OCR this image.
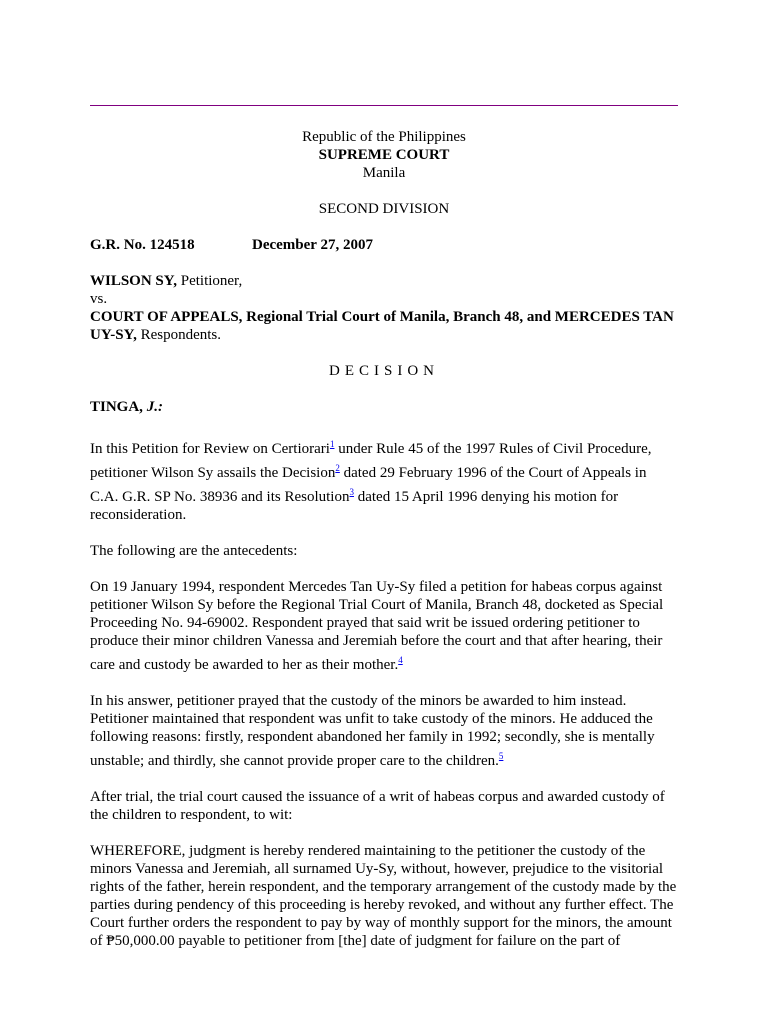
Republic of the Philippines

SUPREME COURT

Manila

SECOND DIVISION

G.R. No. 124518	December 27, 2007

WILSON SY, Petitioner,

vs.

COURT OF APPEALS, Regional Trial Court of Manila, Branch 48, and MERCEDES TAN UY-SY, Respondents.

DECISION

TINGA, J.:

In this Petition for Review on Certiorari$^1$ under Rule 45 of the 1997 Rules of Civil Procedure, petitioner Wilson Sy assails the Decision$^2$ dated 29 February 1996 of the Court of Appeals in C.A. G.R. SP No. 38936 and its Resolution$^3$ dated 15 April 1996 denying his motion for reconsideration.

The following are the antecedents:

On 19 January 1994, respondent Mercedes Tan Uy-Sy filed a petition for habeas corpus against petitioner Wilson Sy before the Regional Trial Court of Manila, Branch 48, docketed as Special Proceeding No. 94-69002. Respondent prayed that said writ be issued ordering petitioner to produce their minor children Vanessa and Jeremiah before the court and that after hearing, their care and custody be awarded to her as their mother.$^4$

In his answer, petitioner prayed that the custody of the minors be awarded to him instead. Petitioner maintained that respondent was unfit to take custody of the minors. He adduced the following reasons: firstly, respondent abandoned her family in 1992; secondly, she is mentally unstable; and thirdly, she cannot provide proper care to the children.$^5$

After trial, the trial court caused the issuance of a writ of habeas corpus and awarded custody of the children to respondent, to wit:

WHEREFORE, judgment is hereby rendered maintaining to the petitioner the custody of the minors Vanessa and Jeremiah, all surnamed Uy-Sy, without, however, prejudice to the visitorial rights of the father, herein respondent, and the temporary arrangement of the custody made by the parties during pendency of this proceeding is hereby revoked, and without any further effect. The Court further orders the respondent to pay by way of monthly support for the minors, the amount of ₱50,000.00 payable to petitioner from [the] date of judgment for failure on the part of
